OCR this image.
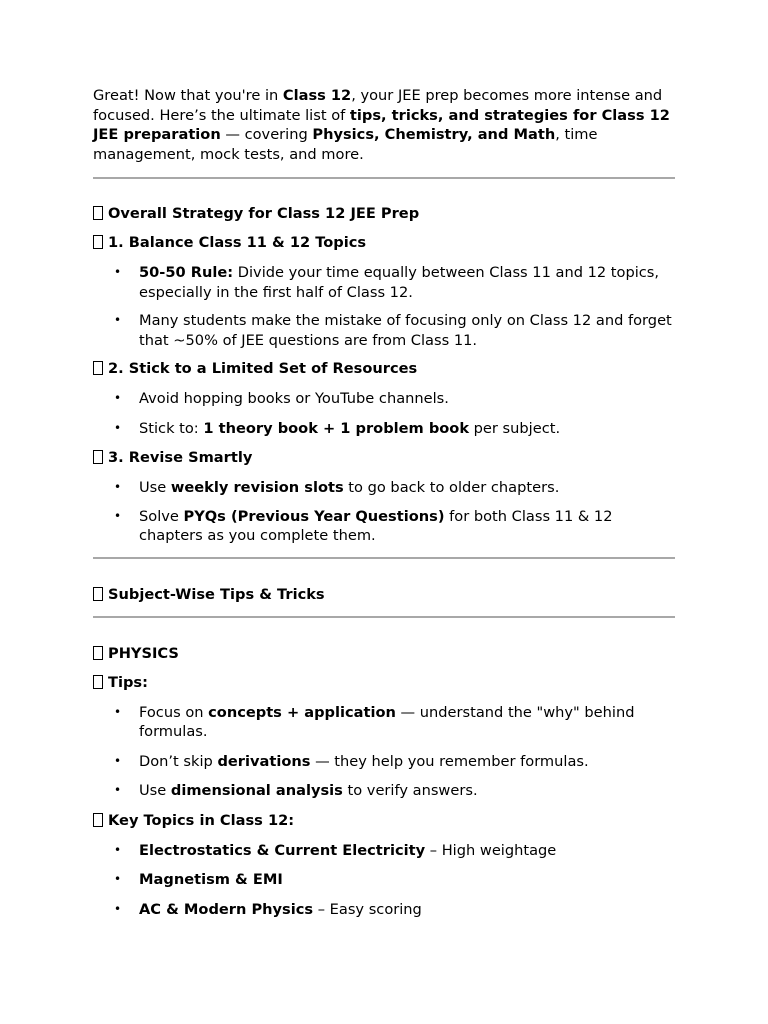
Great! Now that you're in Class 12, your JEE prep becomes more intense and focused. Here’s the ultimate list of tips, tricks, and strategies for Class 12 JEE preparation — covering Physics, Chemistry, and Math, time management, mock tests, and more.

Overall Strategy for Class 12 JEE Prep

1. Balance Class 11 & 12 Topics

• 50-50 Rule: Divide your time equally between Class 11 and 12 topics, especially in the first half of Class 12.
• Many students make the mistake of focusing only on Class 12 and forget that ~50% of JEE questions are from Class 11.

2. Stick to a Limited Set of Resources

• Avoid hopping books or YouTube channels.
• Stick to: 1 theory book + 1 problem book per subject.

3. Revise Smartly

• Use weekly revision slots to go back to older chapters.
• Solve PYQs (Previous Year Questions) for both Class 11 & 12 chapters as you complete them.

Subject-Wise Tips & Tricks

PHYSICS

Tips:

• Focus on concepts + application — understand the "why" behind formulas.
• Don’t skip derivations — they help you remember formulas.
• Use dimensional analysis to verify answers.

Key Topics in Class 12:

• Electrostatics & Current Electricity – High weightage
• Magnetism & EMI
• AC & Modern Physics – Easy scoring
